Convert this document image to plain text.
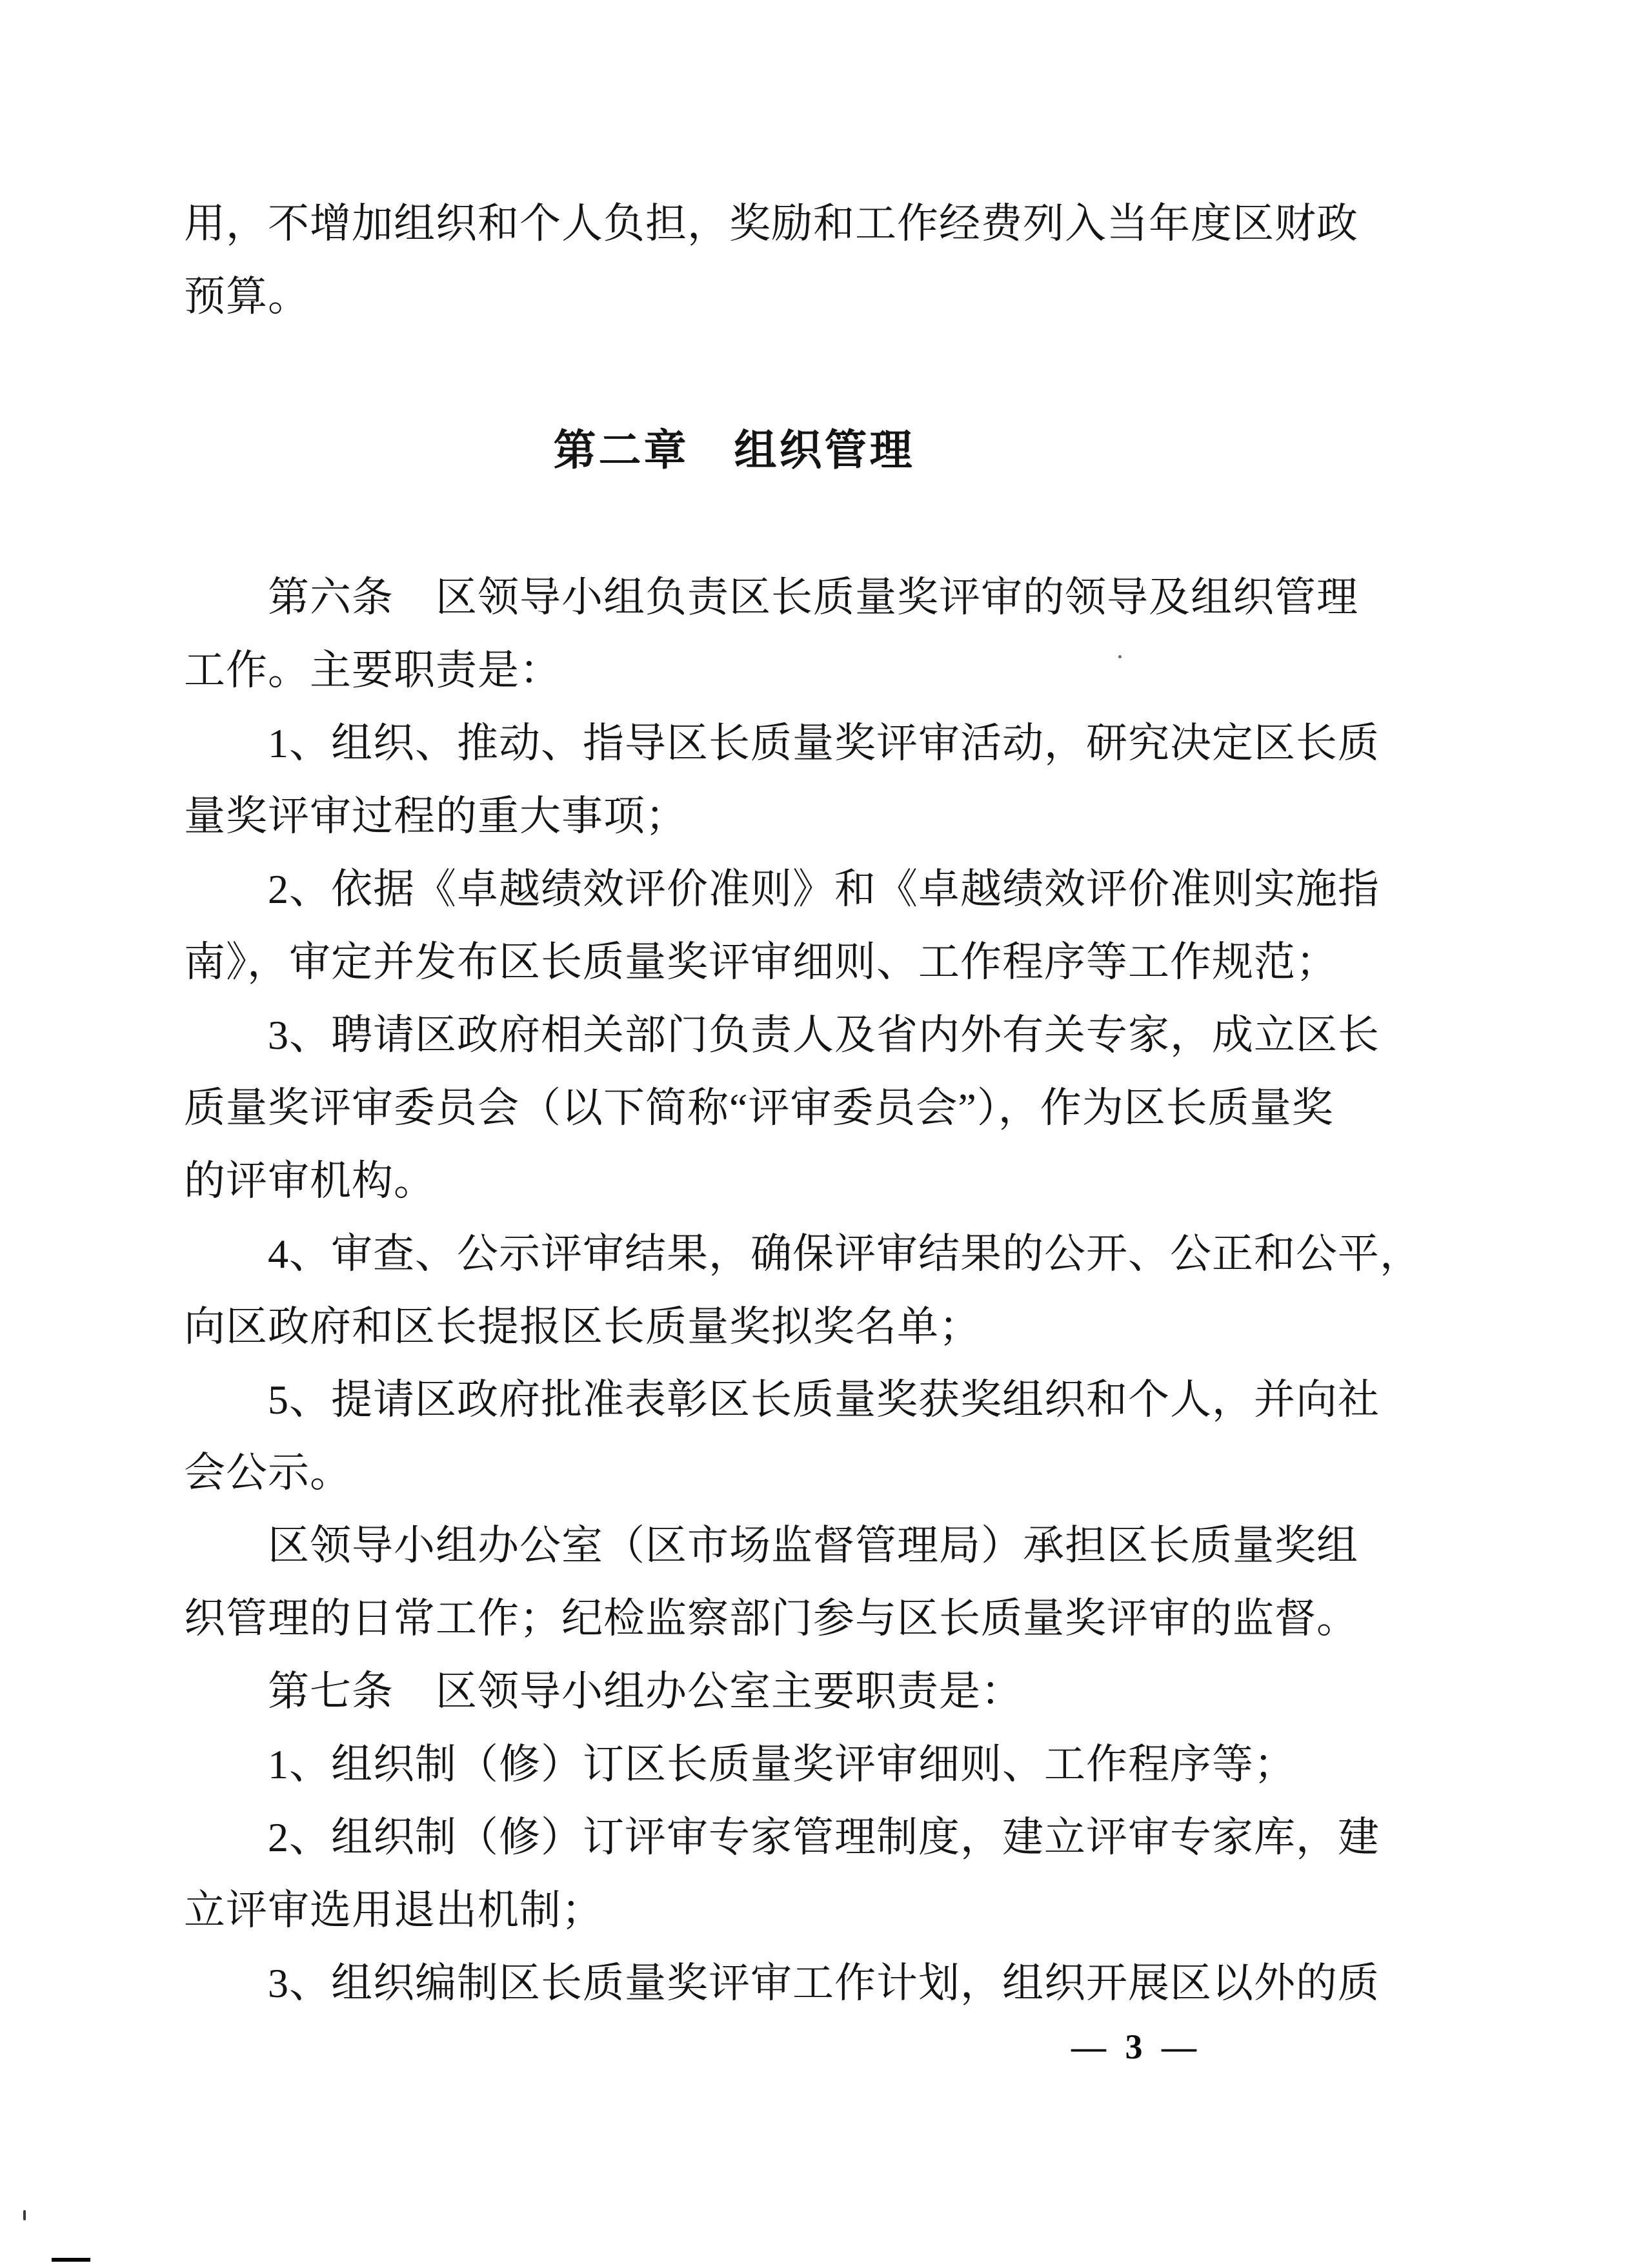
用，不增加组织和个人负担，奖励和工作经费列入当年度区财政
预算。
第二章　组织管理
第六条　区领导小组负责区长质量奖评审的领导及组织管理
工作。主要职责是：
1、组织、推动、指导区长质量奖评审活动，研究决定区长质
量奖评审过程的重大事项；
2、依据《卓越绩效评价准则》和《卓越绩效评价准则实施指
南》，审定并发布区长质量奖评审细则、工作程序等工作规范；
3、聘请区政府相关部门负责人及省内外有关专家，成立区长
质量奖评审委员会（以下简称“评审委员会”），作为区长质量奖
的评审机构。
4、审查、公示评审结果，确保评审结果的公开、公正和公平，
向区政府和区长提报区长质量奖拟奖名单；
5、提请区政府批准表彰区长质量奖获奖组织和个人，并向社
会公示。
区领导小组办公室（区市场监督管理局）承担区长质量奖组
织管理的日常工作；纪检监察部门参与区长质量奖评审的监督。
第七条　区领导小组办公室主要职责是：
1、组织制（修）订区长质量奖评审细则、工作程序等；
2、组织制（修）订评审专家管理制度，建立评审专家库，建
立评审选用退出机制；
3、组织编制区长质量奖评审工作计划，组织开展区以外的质
— 3 —
